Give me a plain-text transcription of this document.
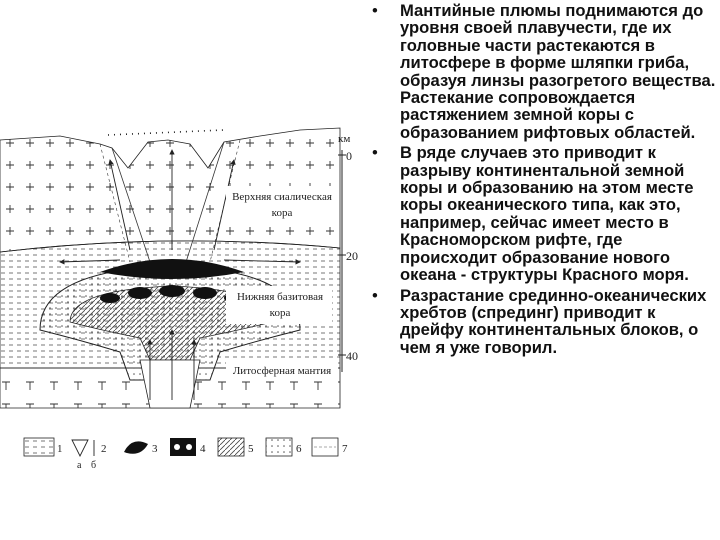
• Мантийные плюмы поднимаются до уровня своей плавучести, где их головные части растекаются в литосфере в форме шляпки гриба, образуя линзы разогретого вещества. Растекание сопровождается растяжением земной коры с образованием рифтовых областей.
• В ряде случаев это приводит к разрыву континентальной земной коры и образованию на этом месте коры океанического типа, как это, например, сейчас имеет место в Красноморском рифте, где происходит образование нового океана - структуры Красного моря.
• Разрастание срединно-океанических хребтов (спрединг) приводит к дрейфу континентальных блоков, о чем я уже говорил.
Верхняя сиалическая
кора
Нижняя базитовая
кора
Литосферная мантия
км
0
20
40
1	2
а б
3	4	5	6	7
